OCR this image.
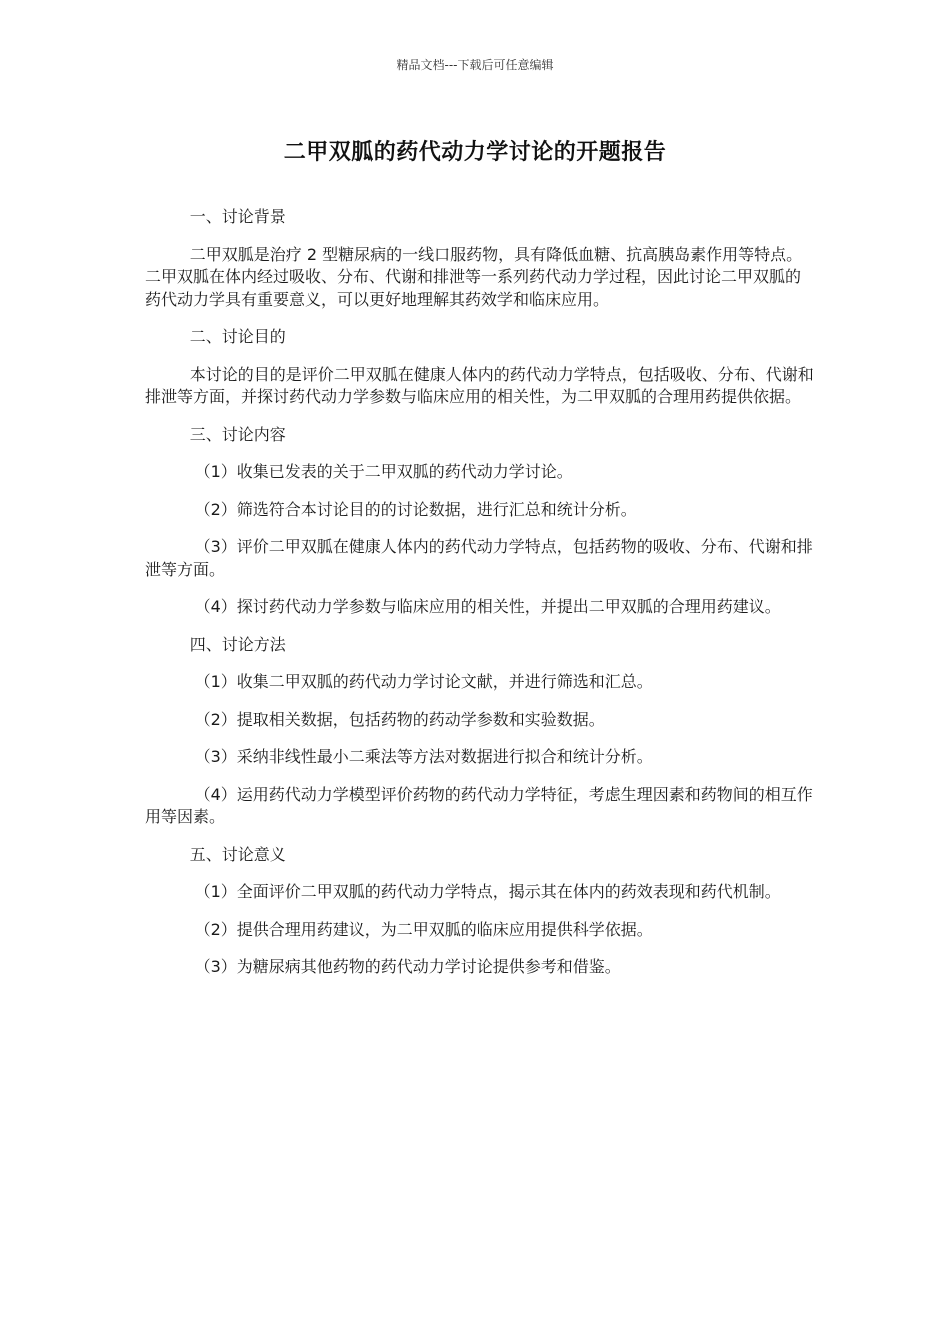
精品文档---下载后可任意编辑
二甲双胍的药代动力学讨论的开题报告

一、讨论背景

二甲双胍是治疗 2 型糖尿病的一线口服药物，具有降低血糖、抗高胰岛素作用等特点。二甲双胍在体内经过吸收、分布、代谢和排泄等一系列药代动力学过程，因此讨论二甲双胍的药代动力学具有重要意义，可以更好地理解其药效学和临床应用。

二、讨论目的

本讨论的目的是评价二甲双胍在健康人体内的药代动力学特点，包括吸收、分布、代谢和排泄等方面，并探讨药代动力学参数与临床应用的相关性，为二甲双胍的合理用药提供依据。

三、讨论内容

（1）收集已发表的关于二甲双胍的药代动力学讨论。

（2）筛选符合本讨论目的的讨论数据，进行汇总和统计分析。

（3）评价二甲双胍在健康人体内的药代动力学特点，包括药物的吸收、分布、代谢和排泄等方面。

（4）探讨药代动力学参数与临床应用的相关性，并提出二甲双胍的合理用药建议。

四、讨论方法

（1）收集二甲双胍的药代动力学讨论文献，并进行筛选和汇总。

（2）提取相关数据，包括药物的药动学参数和实验数据。

（3）采纳非线性最小二乘法等方法对数据进行拟合和统计分析。

（4）运用药代动力学模型评价药物的药代动力学特征，考虑生理因素和药物间的相互作用等因素。

五、讨论意义

（1）全面评价二甲双胍的药代动力学特点，揭示其在体内的药效表现和药代机制。

（2）提供合理用药建议，为二甲双胍的临床应用提供科学依据。

（3）为糖尿病其他药物的药代动力学讨论提供参考和借鉴。
